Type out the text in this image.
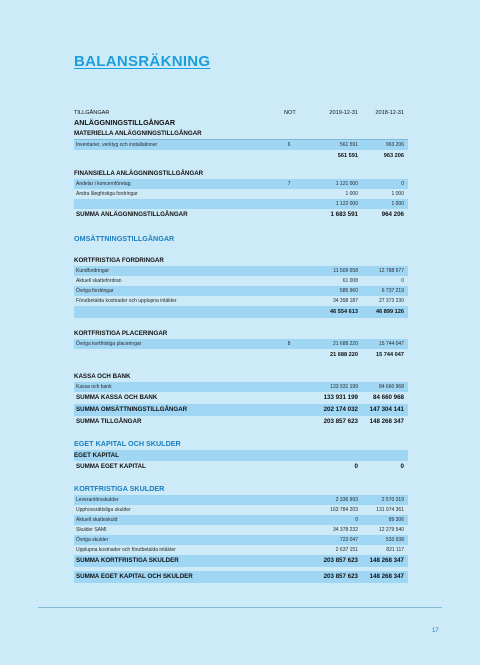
BALANSRÄKNING
TILLGÅNGAR	NOT	2019-12-31	2018-12-31
ANLÄGGNINGSTILLGÅNGAR
MATERIELLA ANLÄGGNINGSTILLGÅNGAR
Inventarier, verktyg och installationer	6	561 591	963 206
561 591	963 206
FINANSIELLA ANLÄGGNINGSTILLGÅNGAR
Andelar i koncernföretag	7	1 121 000	0
Andra långfristiga fordringar	1 000	1 000
1 122 000	1 000
SUMMA ANLÄGGNINGSTILLGÅNGAR	1 683 591	964 206
OMSÄTTNINGSTILLGÅNGAR
KORTFRISTIGA FORDRINGAR
Kundfordringar	11 509 658	12 788 677
Aktuell skattefordran	61 008	0
Övriga fordringar	585 960	6 737 219
Förutbetalda kostnader och upplupna intäkter	34 398 187	27 373 230
46 554 613	46 899 126
KORTFRISTIGA PLACERINGAR
Övriga kortfristiga placeringar	8	21 688 220	15 744 047
21 688 220	15 744 047
KASSA OCH BANK
Kassa och bank	133 931 199	84 660 968
SUMMA KASSA OCH BANK	133 931 199	84 660 968
SUMMA OMSÄTTNINGSTILLGÅNGAR	202 174 032	147 304 141
SUMMA TILLGÅNGAR	203 857 623	148 268 347
EGET KAPITAL OCH SKULDER
EGET KAPITAL
SUMMA EGET KAPITAL	0	0
KORTFRISTIGA SKULDER
Leverantörsskulder	2 336 993	2 570 319
Upphovsrättsliga skulder	163 784 203	131 974 361
Aktuell skatteskuld	0	89 306
Skulder SAMI	34 378 232	12 279 540
Övriga skulder	723 047	533 938
Upplupna kostnader och förutbetalda intäkter	2 637 151	821 117
SUMMA KORTFRISTIGA SKULDER	203 857 623	148 268 347
SUMMA EGET KAPITAL OCH SKULDER	203 857 623	148 268 347
17
